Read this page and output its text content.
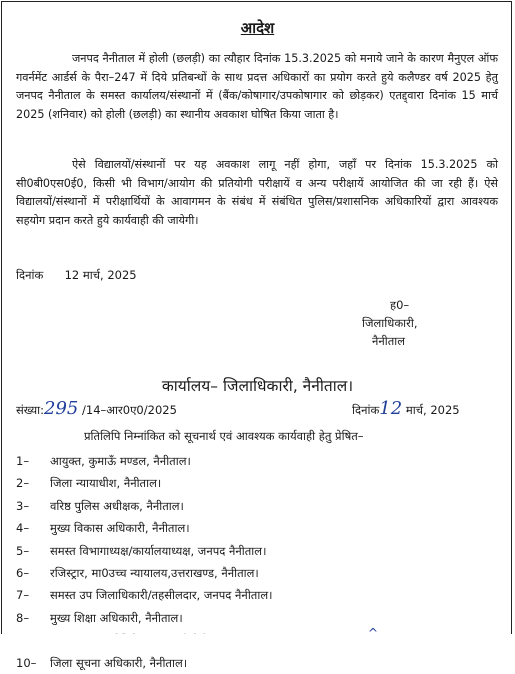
आदेश
जनपद नैनीताल में होली (छलड़ी) का त्यौहार दिनांक 15.3.2025 को मनाये जाने के कारण मैनुएल ऑफ गवर्नमेंट आर्डर्स के पैरा–247 में दिये प्रतिबन्धों के साथ प्रदत्त अधिकारों का प्रयोग करते हुये कलैण्डर वर्ष 2025 हेतु जनपद नैनीताल के समस्त कार्यालय/संस्थानों में (बैंक/कोषागार/उपकोषागार को छोड़कर) एतद्द्वारा दिनांक 15 मार्च 2025 (शनिवार) को होली (छलड़ी) का स्थानीय अवकाश घोषित किया जाता है।
ऐसे विद्यालयों/संस्थानों पर यह अवकाश लागू नहीं होगा, जहाँ पर दिनांक 15.3.2025 को सी0बी0एस0ई0, किसी भी विभाग/आयोग की प्रतियोगी परीक्षायें व अन्य परीक्षायें आयोजित की जा रही हैं। ऐसे विद्यालयों/संस्थानों में परीक्षार्थियों के आवागमन के संबंध में संबंधित पुलिस/प्रशासनिक अधिकारियों द्वारा आवश्यक सहयोग प्रदान करते हुये कार्यवाही की जायेगी।
दिनांक 12 मार्च, 2025
ह0–
जिलाधिकारी,
नैनीताल
कार्यालय– जिलाधिकारी, नैनीताल।
संख्या:295 /14–आर0ए0/2025	दिनांक12 मार्च, 2025
प्रतिलिपि निम्नांकित को सूचनार्थ एवं आवश्यक कार्यवाही हेतु प्रेषित–
1– आयुक्त, कुमाऊँ मण्डल, नैनीताल।
2– जिला न्यायाधीश, नैनीताल।
3– वरिष्ठ पुलिस अधीक्षक, नैनीताल।
4– मुख्य विकास अधिकारी, नैनीताल।
5– समस्त विभागाध्यक्ष/कार्यालयाध्यक्ष, जनपद नैनीताल।
6– रजिस्ट्रार, मा0उच्च न्यायालय,उत्तराखण्ड, नैनीताल।
7– समस्त उप जिलाधिकारी/तहसीलदार, जनपद नैनीताल।
8– मुख्य शिक्षा अधिकारी, नैनीताल।
10– जिला सूचना अधिकारी, नैनीताल।
^
